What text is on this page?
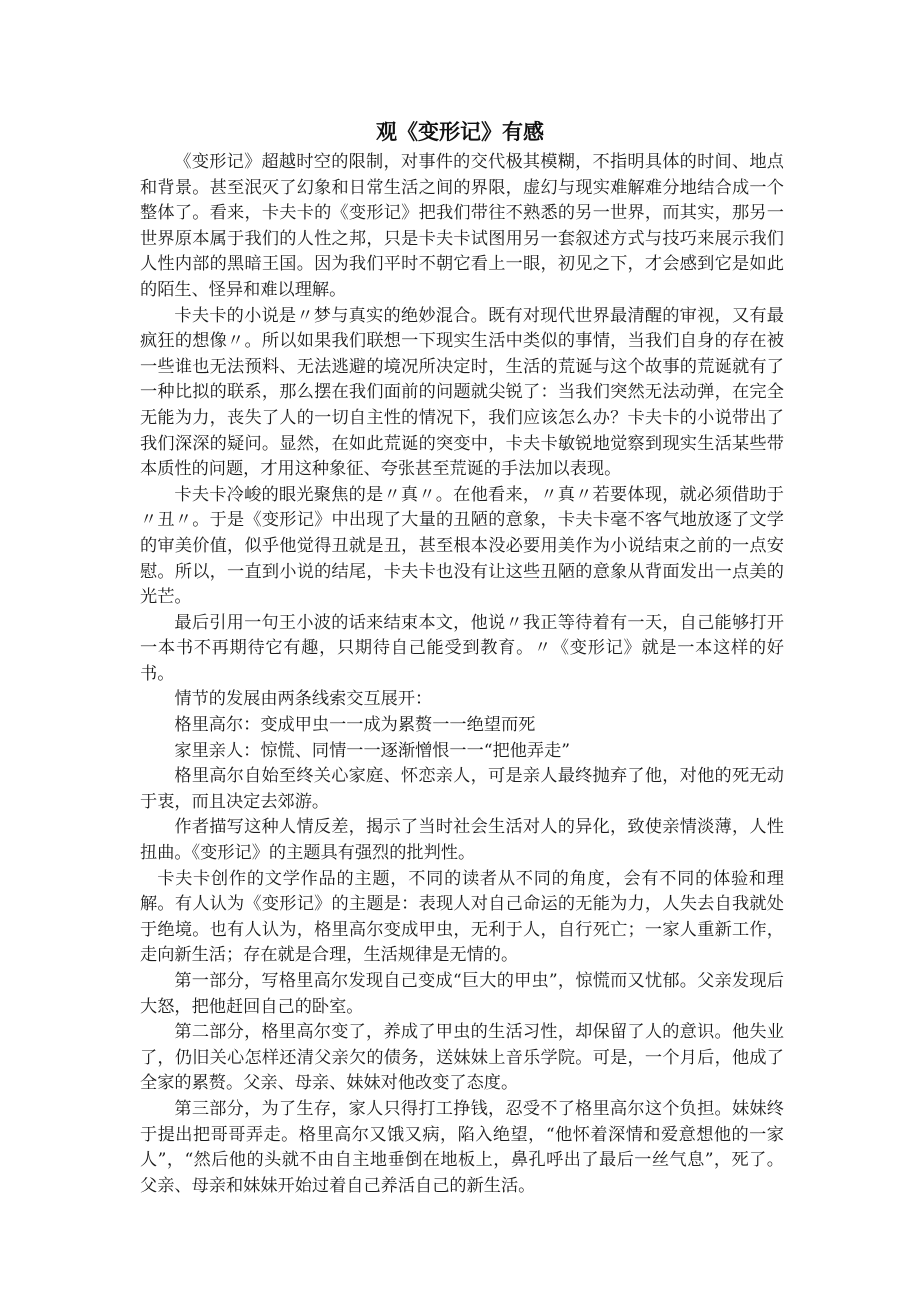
观《变形记》有感

《变形记》超越时空的限制，对事件的交代极其模糊，不指明具体的时间、地点和背景。甚至泯灭了幻象和日常生活之间的界限，虚幻与现实难解难分地结合成一个整体了。看来，卡夫卡的《变形记》把我们带往不熟悉的另一世界，而其实，那另一世界原本属于我们的人性之邦，只是卡夫卡试图用另一套叙述方式与技巧来展示我们人性内部的黑暗王国。因为我们平时不朝它看上一眼，初见之下，才会感到它是如此的陌生、怪异和难以理解。

卡夫卡的小说是〃梦与真实的绝妙混合。既有对现代世界最清醒的审视，又有最疯狂的想像〃。所以如果我们联想一下现实生活中类似的事情，当我们自身的存在被一些谁也无法预料、无法逃避的境况所决定时，生活的荒诞与这个故事的荒诞就有了一种比拟的联系，那么摆在我们面前的问题就尖锐了：当我们突然无法动弹，在完全无能为力，丧失了人的一切自主性的情况下，我们应该怎么办？卡夫卡的小说带出了我们深深的疑问。显然，在如此荒诞的突变中，卡夫卡敏锐地觉察到现实生活某些带本质性的问题，才用这种象征、夸张甚至荒诞的手法加以表现。

卡夫卡冷峻的眼光聚焦的是〃真〃。在他看来，〃真〃若要体现，就必须借助于〃丑〃。于是《变形记》中出现了大量的丑陋的意象，卡夫卡毫不客气地放逐了文学的审美价值，似乎他觉得丑就是丑，甚至根本没必要用美作为小说结束之前的一点安慰。所以，一直到小说的结尾，卡夫卡也没有让这些丑陋的意象从背面发出一点美的光芒。

最后引用一句王小波的话来结束本文，他说〃我正等待着有一天，自己能够打开一本书不再期待它有趣，只期待自己能受到教育。〃《变形记》就是一本这样的好书。

情节的发展由两条线索交互展开：

格里高尔：变成甲虫一一成为累赘一一绝望而死

家里亲人：惊慌、同情一一逐渐憎恨一一“把他弄走”

格里高尔自始至终关心家庭、怀恋亲人，可是亲人最终抛弃了他，对他的死无动于衷，而且决定去郊游。

作者描写这种人情反差，揭示了当时社会生活对人的异化，致使亲情淡薄，人性扭曲。《变形记》的主题具有强烈的批判性。

卡夫卡创作的文学作品的主题，不同的读者从不同的角度，会有不同的体验和理解。有人认为《变形记》的主题是：表现人对自己命运的无能为力，人失去自我就处于绝境。也有人认为，格里高尔变成甲虫，无利于人，自行死亡；一家人重新工作，走向新生活；存在就是合理，生活规律是无情的。

第一部分，写格里高尔发现自己变成“巨大的甲虫”，惊慌而又忧郁。父亲发现后大怒，把他赶回自己的卧室。

第二部分，格里高尔变了，养成了甲虫的生活习性，却保留了人的意识。他失业了，仍旧关心怎样还清父亲欠的债务，送妹妹上音乐学院。可是，一个月后，他成了全家的累赘。父亲、母亲、妹妹对他改变了态度。

第三部分，为了生存，家人只得打工挣钱，忍受不了格里高尔这个负担。妹妹终于提出把哥哥弄走。格里高尔又饿又病，陷入绝望，“他怀着深情和爱意想他的一家人”，“然后他的头就不由自主地垂倒在地板上，鼻孔呼出了最后一丝气息”，死了。父亲、母亲和妹妹开始过着自己养活自己的新生活。
